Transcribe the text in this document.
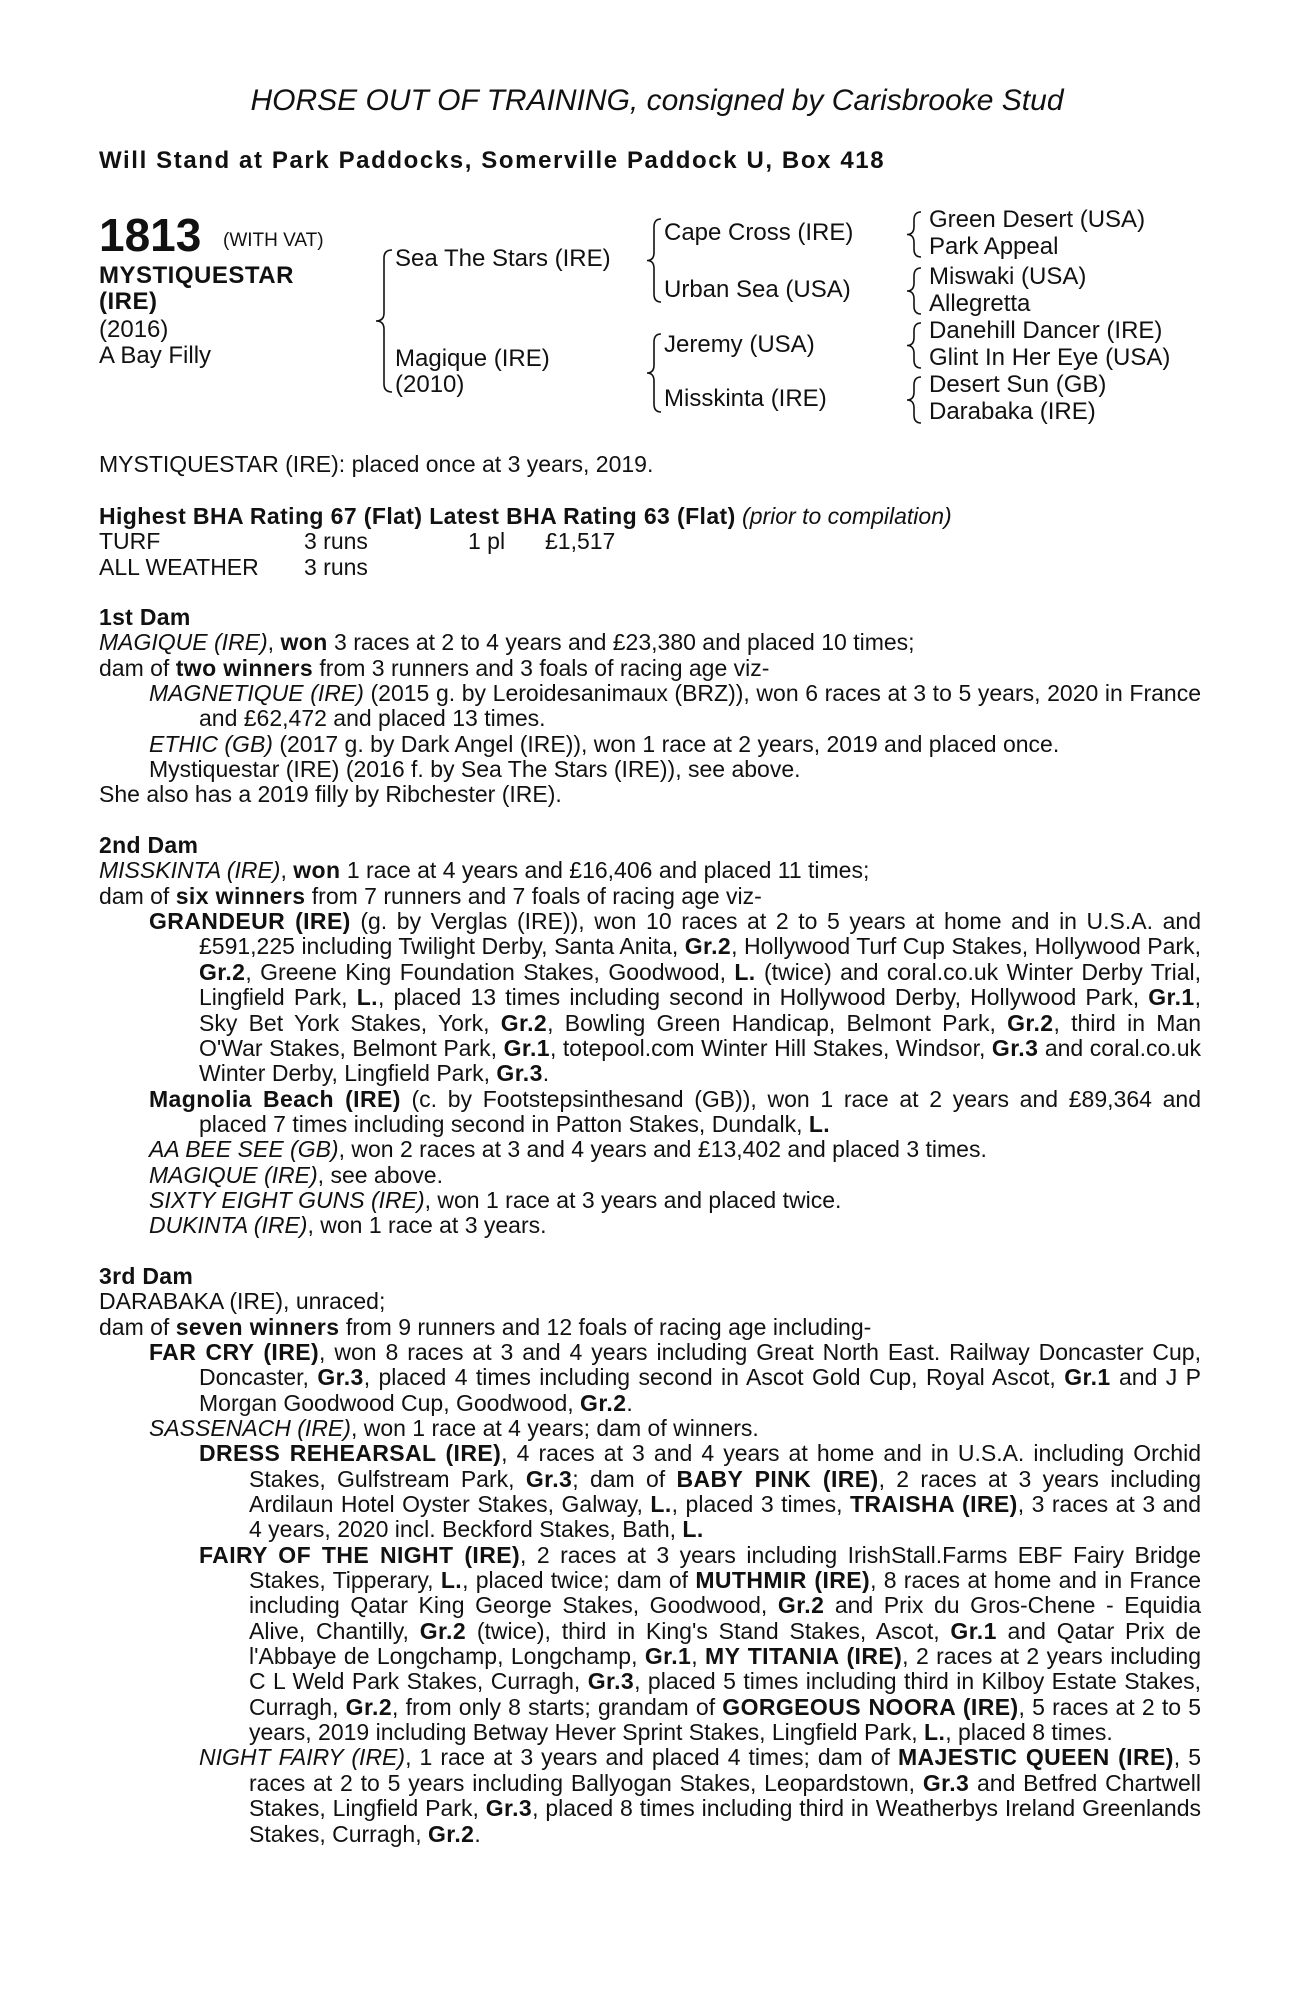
HORSE OUT OF TRAINING, consigned by Carisbrooke Stud
Will Stand at Park Paddocks, Somerville Paddock U, Box 418
1813 (WITH VAT)
MYSTIQUESTAR
(IRE)
(2016)
A Bay Filly
Sea The Stars (IRE)
Magique (IRE)
(2010)
Cape Cross (IRE)
Urban Sea (USA)
Jeremy (USA)
Misskinta (IRE)
Green Desert (USA)
Park Appeal
Miswaki (USA)
Allegretta
Danehill Dancer (IRE)
Glint In Her Eye (USA)
Desert Sun (GB)
Darabaka (IRE)
MYSTIQUESTAR (IRE): placed once at 3 years, 2019.
Highest BHA Rating 67 (Flat) Latest BHA Rating 63 (Flat) (prior to compilation)
TURF	3 runs	1 pl £1,517
ALL WEATHER 3 runs
1st Dam
MAGIQUE (IRE), won 3 races at 2 to 4 years and £23,380 and placed 10 times;
dam of two winners from 3 runners and 3 foals of racing age viz-
MAGNETIQUE (IRE) (2015 g. by Leroidesanimaux (BRZ)), won 6 races at 3 to 5 years, 2020 in France and £62,472 and placed 13 times.
ETHIC (GB) (2017 g. by Dark Angel (IRE)), won 1 race at 2 years, 2019 and placed once.
Mystiquestar (IRE) (2016 f. by Sea The Stars (IRE)), see above.
She also has a 2019 filly by Ribchester (IRE).
2nd Dam
MISSKINTA (IRE), won 1 race at 4 years and £16,406 and placed 11 times;
dam of six winners from 7 runners and 7 foals of racing age viz-
GRANDEUR (IRE) (g. by Verglas (IRE)), won 10 races at 2 to 5 years at home and in U.S.A. and £591,225 including Twilight Derby, Santa Anita, Gr.2, Hollywood Turf Cup Stakes, Hollywood Park, Gr.2, Greene King Foundation Stakes, Goodwood, L. (twice) and coral.co.uk Winter Derby Trial, Lingfield Park, L., placed 13 times including second in Hollywood Derby, Hollywood Park, Gr.1, Sky Bet York Stakes, York, Gr.2, Bowling Green Handicap, Belmont Park, Gr.2, third in Man O'War Stakes, Belmont Park, Gr.1, totepool.com Winter Hill Stakes, Windsor, Gr.3 and coral.co.uk Winter Derby, Lingfield Park, Gr.3.
Magnolia Beach (IRE) (c. by Footstepsinthesand (GB)), won 1 race at 2 years and £89,364 and placed 7 times including second in Patton Stakes, Dundalk, L.
AA BEE SEE (GB), won 2 races at 3 and 4 years and £13,402 and placed 3 times.
MAGIQUE (IRE), see above.
SIXTY EIGHT GUNS (IRE), won 1 race at 3 years and placed twice.
DUKINTA (IRE), won 1 race at 3 years.
3rd Dam
DARABAKA (IRE), unraced;
dam of seven winners from 9 runners and 12 foals of racing age including-
FAR CRY (IRE), won 8 races at 3 and 4 years including Great North East. Railway Doncaster Cup, Doncaster, Gr.3, placed 4 times including second in Ascot Gold Cup, Royal Ascot, Gr.1 and J P Morgan Goodwood Cup, Goodwood, Gr.2.
SASSENACH (IRE), won 1 race at 4 years; dam of winners.
DRESS REHEARSAL (IRE), 4 races at 3 and 4 years at home and in U.S.A. including Orchid Stakes, Gulfstream Park, Gr.3; dam of BABY PINK (IRE), 2 races at 3 years including Ardilaun Hotel Oyster Stakes, Galway, L., placed 3 times, TRAISHA (IRE), 3 races at 3 and 4 years, 2020 incl. Beckford Stakes, Bath, L.
FAIRY OF THE NIGHT (IRE), 2 races at 3 years including IrishStall.Farms EBF Fairy Bridge Stakes, Tipperary, L., placed twice; dam of MUTHMIR (IRE), 8 races at home and in France including Qatar King George Stakes, Goodwood, Gr.2 and Prix du Gros-Chene - Equidia Alive, Chantilly, Gr.2 (twice), third in King's Stand Stakes, Ascot, Gr.1 and Qatar Prix de l'Abbaye de Longchamp, Longchamp, Gr.1, MY TITANIA (IRE), 2 races at 2 years including C L Weld Park Stakes, Curragh, Gr.3, placed 5 times including third in Kilboy Estate Stakes, Curragh, Gr.2, from only 8 starts; grandam of GORGEOUS NOORA (IRE), 5 races at 2 to 5 years, 2019 including Betway Hever Sprint Stakes, Lingfield Park, L., placed 8 times.
NIGHT FAIRY (IRE), 1 race at 3 years and placed 4 times; dam of MAJESTIC QUEEN (IRE), 5 races at 2 to 5 years including Ballyogan Stakes, Leopardstown, Gr.3 and Betfred Chartwell Stakes, Lingfield Park, Gr.3, placed 8 times including third in Weatherbys Ireland Greenlands Stakes, Curragh, Gr.2.
